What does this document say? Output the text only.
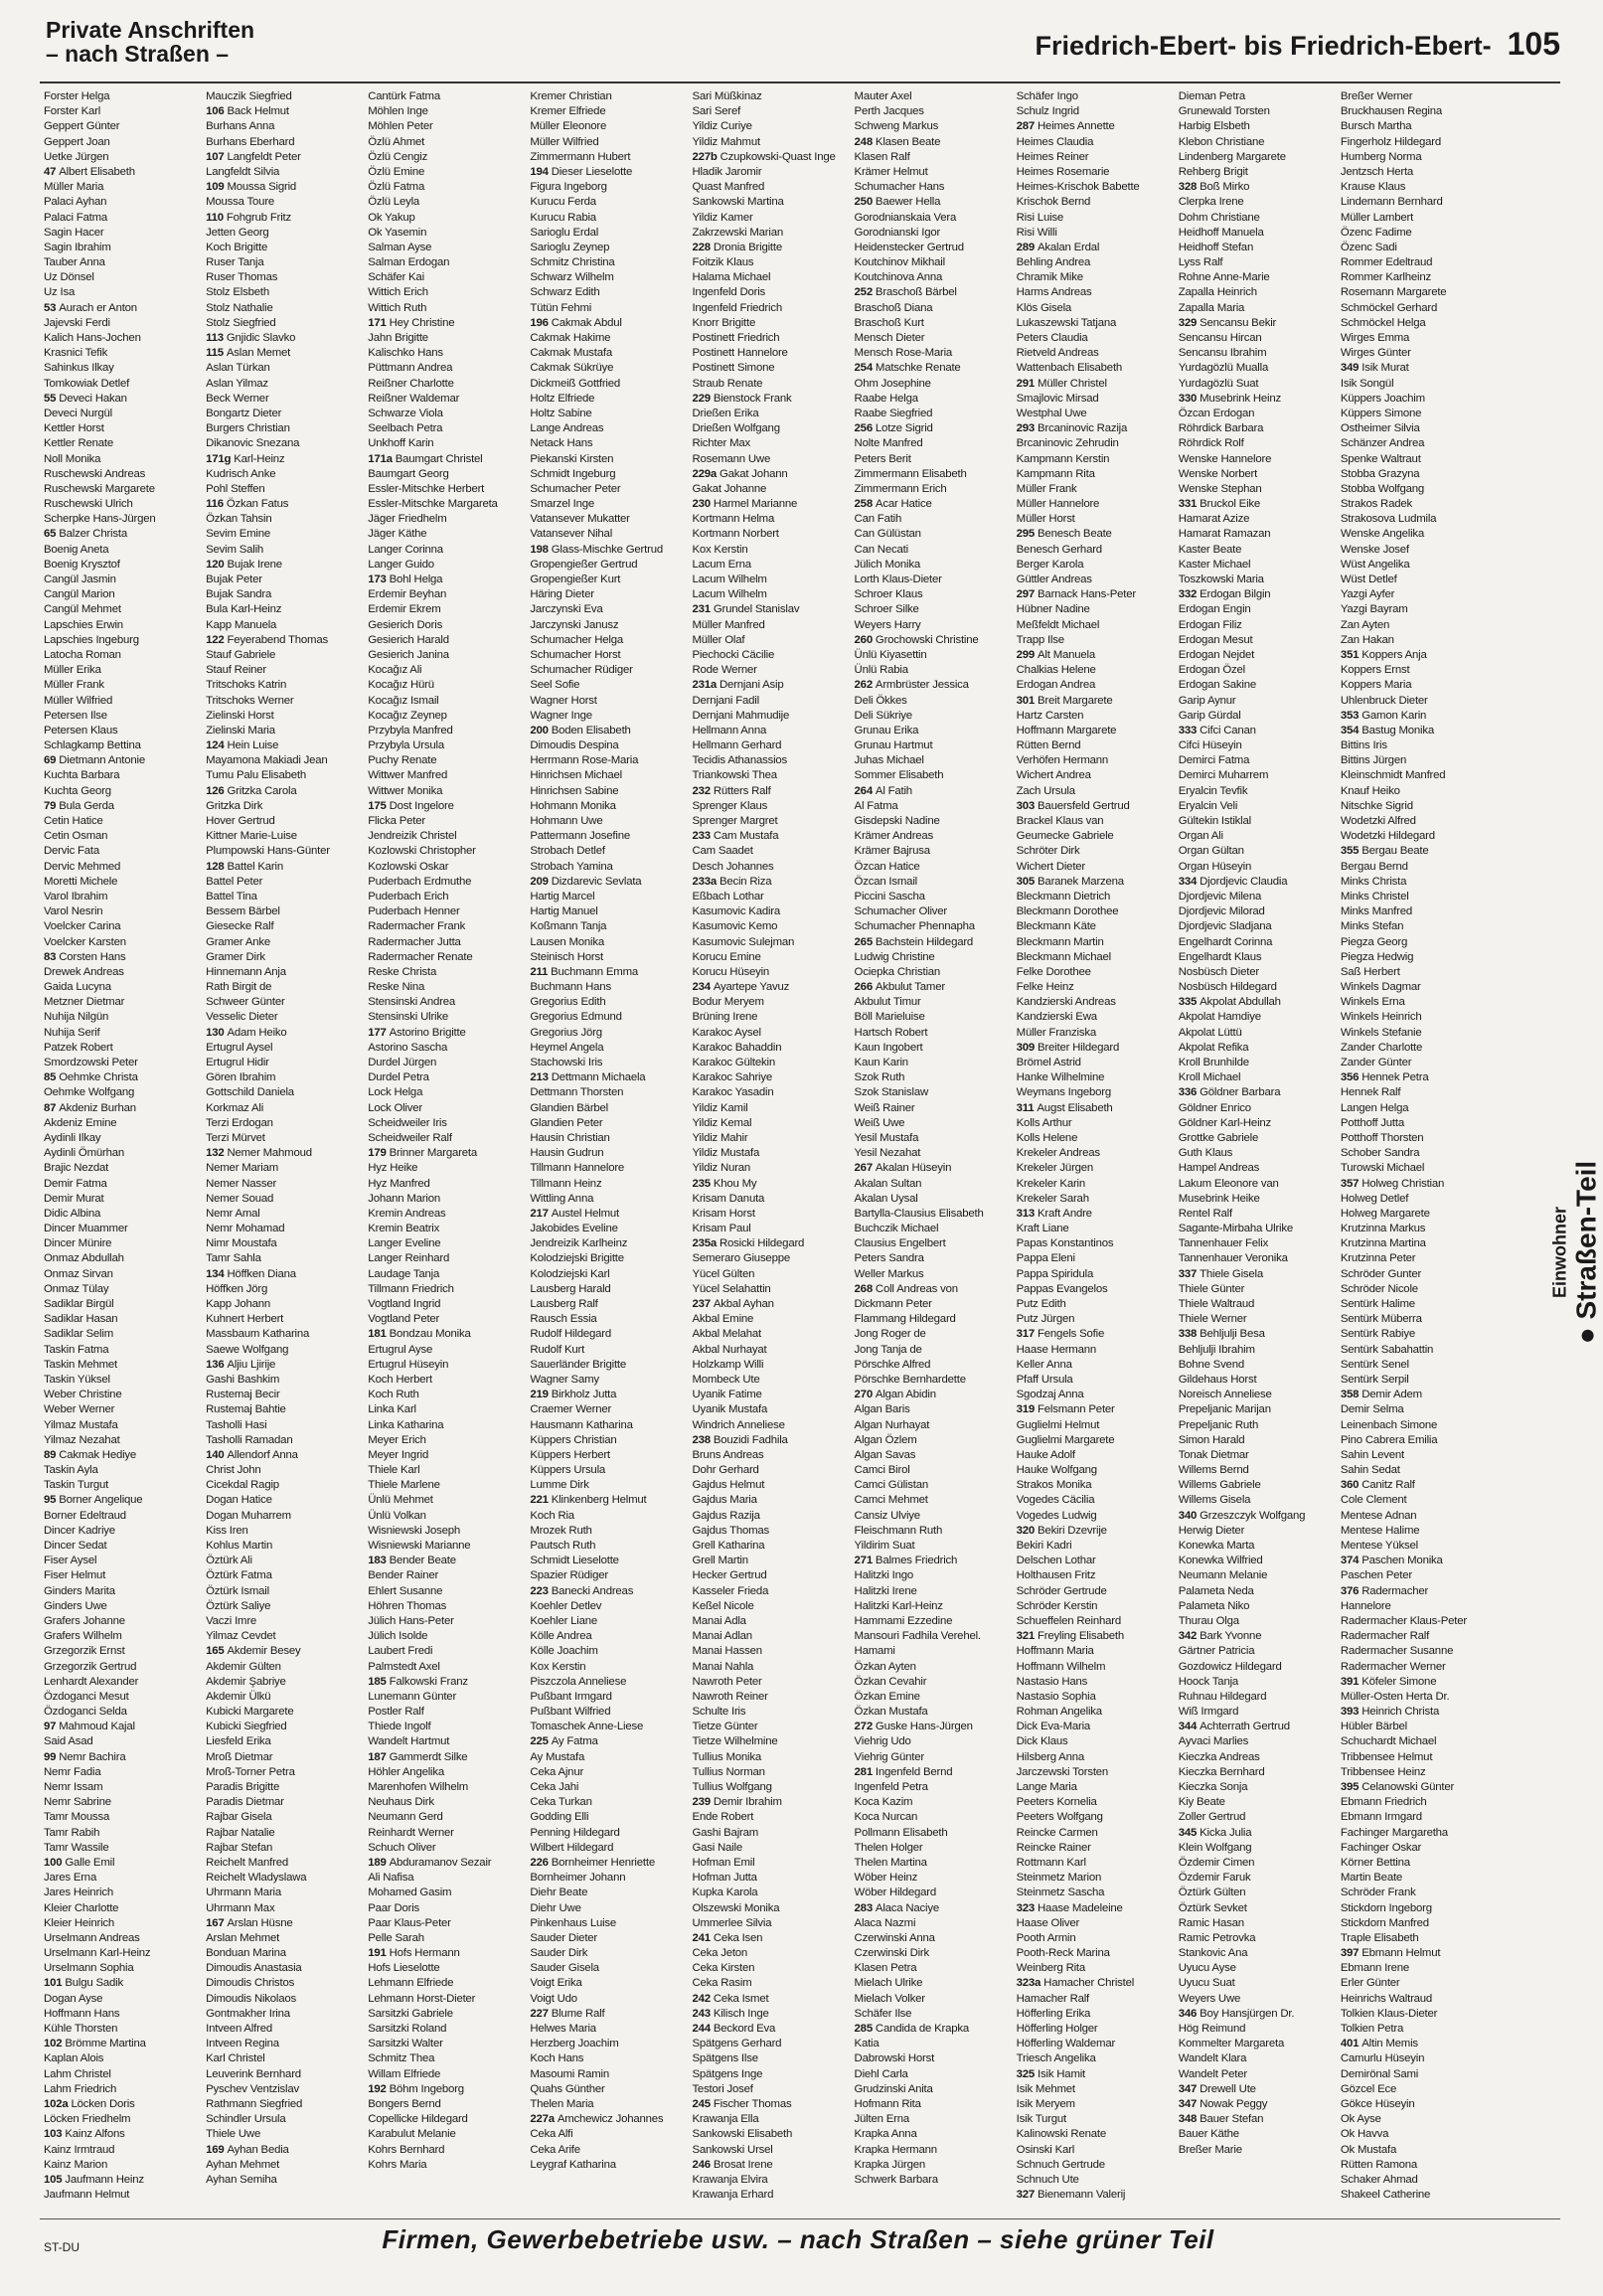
Private Anschriften
– nach Straßen –	Friedrich-Ebert- bis Friedrich-Ebert- 105
Forster Helga
Forster Karl
Geppert Günter
Geppert Joan
Uetke Jürgen
47 Albert Elisabeth
Müller Maria
Palaci Ayhan
Palaci Fatma
Sagin Hacer
Sagin Ibrahim
Tauber Anna
Uz Dönsel
Uz Isa
53 Aurach er Anton
Jajevski Ferdi
Kalich Hans-Jochen
Krasnici Tefik
Sahinkus Ilkay
Tomkowiak Detlef
55 Deveci Hakan
Deveci Nurgül
Kettler Horst
Kettler Renate
Noll Monika
Ruschewski Andreas
Ruschewski Margarete
Ruschewski Ulrich
Scherpke Hans-Jürgen
65 Balzer Christa
Boenig Aneta
Boenig Krysztof
Cangül Jasmin
Cangül Marion
Cangül Mehmet
Lapschies Erwin
Lapschies Ingeburg
Latocha Roman
Müller Erika
Müller Frank
Müller Wilfried
Petersen Ilse
Petersen Klaus
Schlagkamp Bettina
69 Dietmann Antonie
Kuchta Barbara
Kuchta Georg
79 Bula Gerda
Cetin Hatice
Cetin Osman
Dervic Fata
Dervic Mehmed
Moretti Michele
Varol Ibrahim
Varol Nesrin
Voelcker Carina
Voelcker Karsten
83 Corsten Hans
Drewek Andreas
Gaida Lucyna
Metzner Dietmar
Nuhija Nilgün
Nuhija Serif
Patzek Robert
Smordzowski Peter
85 Oehmke Christa
Oehmke Wolfgang
87 Akdeniz Burhan
Akdeniz Emine
Aydinli Ilkay
Aydinli Ömürhan
Brajic Nezdat
Demir Fatma
Demir Murat
Didic Albina
Dincer Muammer
Dincer Münire
Onmaz Abdullah
Onmaz Sirvan
Onmaz Tülay
Sadiklar Birgül
Sadiklar Hasan
Sadiklar Selim
Taskin Fatma
Taskin Mehmet
Taskin Yüksel
Weber Christine
Weber Werner
Yilmaz Mustafa
Yilmaz Nezahat
89 Cakmak Hediye
Taskin Ayla
Taskin Turgut
95 Borner Angelique
Borner Edeltraud
Dincer Kadriye
Dincer Sedat
Fiser Aysel
Fiser Helmut
Ginders Marita
Ginders Uwe
Grafers Johanne
Grafers Wilhelm
Grzegorzik Ernst
Grzegorzik Gertrud
Lenhardt Alexander
Özdoganci Mesut
Özdoganci Selda
97 Mahmoud Kajal
Said Asad
99 Nemr Bachira
Nemr Fadia
Nemr Issam
Nemr Sabrine
Tamr Moussa
Tamr Rabih
Tamr Wassile
100 Galle Emil
Jares Erna
Jares Heinrich
Kleier Charlotte
Kleier Heinrich
Urselmann Andreas
Urselmann Karl-Heinz
Urselmann Sophia
101 Bulgu Sadik
Dogan Ayse
Hoffmann Hans
Kühle Thorsten
102 Brömme Martina
Kaplan Alois
Lahm Christel
Lahm Friedrich
102a Löcken Doris
Löcken Friedhelm
103 Kainz Alfons
Kainz Irmtraud
Kainz Marion
105 Jaufmann Heinz
Jaufmann Helmut
Mauczik Siegfried
106 Back Helmut
Burhans Anna
Burhans Eberhard
107 Langfeldt Peter
Langfeldt Silvia
109 Moussa Sigrid
Moussa Toure
110 Fohgrub Fritz
Jetten Georg
Koch Brigitte
Ruser Tanja
Ruser Thomas
Stolz Elsbeth
Stolz Nathalie
Stolz Siegfried
113 Gnjidic Slavko
115 Aslan Memet
Aslan Türkan
Aslan Yilmaz
Beck Werner
Bongartz Dieter
Burgers Christian
Dikanovic Snezana
171g Karl-Heinz
Kudrisch Anke
Pohl Steffen
116 Özkan Fatus
Özkan Tahsin
Sevim Emine
Sevim Salih
120 Bujak Irene
Bujak Peter
Bujak Sandra
Bula Karl-Heinz
Kapp Manuela
122 Feyerabend Thomas
Stauf Gabriele
Stauf Reiner
Tritschoks Katrin
Tritschoks Werner
Zielinski Horst
Zielinski Maria
124 Hein Luise
Mayamona Makiadi Jean
Tumu Palu Elisabeth
126 Gritzka Carola
Gritzka Dirk
Hover Gertrud
Kittner Marie-Luise
Plumpowski Hans-Günter
128 Battel Karin
Battel Peter
Battel Tina
Bessem Bärbel
Giesecke Ralf
Gramer Anke
Gramer Dirk
Hinnemann Anja
Rath Birgit de
Schweer Günter
Vesselic Dieter
130 Adam Heiko
Ertugrul Aysel
Ertugrul Hidir
Gören Ibrahim
Gottschild Daniela
Korkmaz Ali
Terzi Erdogan
Terzi Mürvet
132 Nemer Mahmoud
Nemer Mariam
Nemer Nasser
Nemer Souad
Nemr Amal
Nemr Mohamad
Nimr Moustafa
Tamr Sahla
134 Höffken Diana
Höffken Jörg
Kapp Johann
Kuhnert Herbert
Massbaum Katharina
Saewe Wolfgang
136 Aljiu Ljirije
Gashi Bashkim
Rustemaj Becir
Rustemaj Bahtie
Tasholli Hasi
Tasholli Ramadan
140 Allendorf Anna
Christ John
Cicekdal Ragip
Dogan Hatice
Dogan Muharrem
Kiss Iren
Kohlus Martin
Öztürk Ali
Öztürk Fatma
Öztürk Ismail
Öztürk Saliye
Vaczi Imre
Yilmaz Cevdet
165 Akdemir Besey
Akdemir Gülten
Akdemir Şabriye
Akdemir Ülkü
Kubicki Margarete
Kubicki Siegfried
Liesfeld Erika
Mroß Dietmar
Mroß-Torner Petra
Paradis Brigitte
Paradis Dietmar
Rajbar Gisela
Rajbar Natalie
Rajbar Stefan
Reichelt Manfred
Reichelt Wladyslawa
Uhrmann Maria
Uhrmann Max
167 Arslan Hüsne
Arslan Mehmet
Bonduan Marina
Dimoudis Anastasia
Dimoudis Christos
Dimoudis Nikolaos
Gontmakher Irina
Intveen Alfred
Intveen Regina
Karl Christel
Leuverink Bernhard
Pyschev Ventzislav
Rathmann Siegfried
Schindler Ursula
Thiele Uwe
169 Ayhan Bedia
Ayhan Mehmet
Ayhan Semiha
Cantürk Fatma
Möhlen Inge
Möhlen Peter
Özlü Ahmet
Özlü Cengiz
Özlü Emine
Özlü Fatma
Özlü Leyla
Ok Yakup
Ok Yasemin
Salman Ayse
Salman Erdogan
Schäfer Kai
Wittich Erich
Wittich Ruth
171 Hey Christine
Jahn Brigitte
Kalischko Hans
Püttmann Andrea
Reißner Charlotte
Reißner Waldemar
Schwarze Viola
Seelbach Petra
Unkhoff Karin
171a Baumgart Christel
Baumgart Georg
Essler-Mitschke Herbert
Essler-Mitschke Margareta
Jäger Friedhelm
Jäger Käthe
Langer Corinna
Langer Guido
173 Bohl Helga
Erdemir Beyhan
Erdemir Ekrem
Gesierich Doris
Gesierich Harald
Gesierich Janina
Kocağız Ali
Kocağız Hürü
Kocağız Ismail
Kocağız Zeynep
Przybyla Manfred
Przybyla Ursula
Puchy Renate
Wittwer Manfred
Wittwer Monika
175 Dost Ingelore
Flicka Peter
Jendreizik Christel
Kozlowski Christopher
Kozlowski Oskar
Puderbach Erdmuthe
Puderbach Erich
Puderbach Henner
Radermacher Frank
Radermacher Jutta
Radermacher Renate
Reske Christa
Reske Nina
Stensinski Andrea
Stensinski Ulrike
177 Astorino Brigitte
Astorino Sascha
Durdel Jürgen
Durdel Petra
Lock Helga
Lock Oliver
Scheidweiler Iris
Scheidweiler Ralf
179 Brinner Margareta
Hyz Heike
Hyz Manfred
Johann Marion
Kremin Andreas
Kremin Beatrix
Langer Eveline
Langer Reinhard
Laudage Tanja
Tillmann Friedrich
Vogtland Ingrid
Vogtland Peter
181 Bondzau Monika
Ertugrul Ayse
Ertugrul Hüseyin
Koch Herbert
Koch Ruth
Linka Karl
Linka Katharina
Meyer Erich
Meyer Ingrid
Thiele Karl
Thiele Marlene
Ünlü Mehmet
Ünlü Volkan
Wisniewski Joseph
Wisniewski Marianne
183 Bender Beate
Bender Rainer
Ehlert Susanne
Höhren Thomas
Jülich Hans-Peter
Jülich Isolde
Laubert Fredi
Palmstedt Axel
185 Falkowski Franz
Lunemann Günter
Postler Ralf
Thiede Ingolf
Wandelt Hartmut
187 Gammerdt Silke
Höhler Angelika
Marenhofen Wilhelm
Neuhaus Dirk
Neumann Gerd
Reinhardt Werner
Schuch Oliver
189 Abduramanov Sezair
Ali Nafisa
Mohamed Gasim
Paar Doris
Paar Klaus-Peter
Pelle Sarah
191 Hofs Hermann
Hofs Lieselotte
Lehmann Elfriede
Lehmann Horst-Dieter
Sarsitzki Gabriele
Sarsitzki Roland
Sarsitzki Walter
Schmitz Thea
Willam Elfriede
192 Böhm Ingeborg
Bongers Bernd
Copellicke Hildegard
Karabulut Melanie
Kohrs Bernhard
Kohrs Maria
Kremer Christian
Kremer Elfriede
Müller Eleonore
Müller Wilfried
Zimmermann Hubert
194 Dieser Lieselotte
Figura Ingeborg
Kurucu Ferda
Kurucu Rabia
Sarioglu Erdal
Sarioglu Zeynep
Schmitz Christina
Schwarz Wilhelm
Schwarz Edith
Tütün Fehmi
196 Cakmak Abdul
Cakmak Hakime
Cakmak Mustafa
Cakmak Sükrüye
Dickmeiß Gottfried
Holtz Elfriede
Holtz Sabine
Lange Andreas
Netack Hans
Piekanski Kirsten
Schmidt Ingeburg
Schumacher Peter
Smarzel Inge
Vatansever Mukatter
Vatansever Nihal
198 Glass-Mischke Gertrud
Gropengießer Gertrud
Gropengießer Kurt
Häring Dieter
Jarczynski Eva
Jarczynski Janusz
Schumacher Helga
Schumacher Horst
Schumacher Rüdiger
Seel Sofie
Wagner Horst
Wagner Inge
200 Boden Elisabeth
Dimoudis Despina
Herrmann Rose-Maria
Hinrichsen Michael
Hinrichsen Sabine
Hohmann Monika
Hohmann Uwe
Pattermann Josefine
Strobach Detlef
Strobach Yamina
209 Dizdarevic Sevlata
Hartig Marcel
Hartig Manuel
Koßmann Tanja
Lausen Monika
Steinisch Horst
211 Buchmann Emma
Buchmann Hans
Gregorius Edith
Gregorius Edmund
Gregorius Jörg
Heymel Angela
Stachowski Iris
213 Dettmann Michaela
Dettmann Thorsten
Glandien Bärbel
Glandien Peter
Hausin Christian
Hausin Gudrun
Tillmann Hannelore
Tillmann Heinz
Wittling Anna
217 Austel Helmut
Jakobides Eveline
Jendreizik Karlheinz
Kolodziejski Brigitte
Kolodziejski Karl
Lausberg Harald
Lausberg Ralf
Rausch Essia
Rudolf Hildegard
Rudolf Kurt
Sauerländer Brigitte
Wagner Samy
219 Birkholz Jutta
Craemer Werner
Hausmann Katharina
Küppers Christian
Küppers Herbert
Küppers Ursula
Lumme Dirk
221 Klinkenberg Helmut
Koch Ria
Mrozek Ruth
Pautsch Ruth
Schmidt Lieselotte
Spazier Rüdiger
223 Banecki Andreas
Koehler Detlev
Koehler Liane
Kölle Andrea
Kölle Joachim
Kox Kerstin
Piszczola Anneliese
Pußbant Irmgard
Pußbant Wilfried
Tomaschek Anne-Liese
225 Ay Fatma
Ay Mustafa
Ceka Ajnur
Ceka Jahi
Ceka Turkan
Godding Elli
Penning Hildegard
Wilbert Hildegard
226 Bornheimer Henriette
Bornheimer Johann
Diehr Beate
Diehr Uwe
Pinkenhaus Luise
Sauder Dieter
Sauder Dirk
Sauder Gisela
Voigt Erika
Voigt Udo
227 Blume Ralf
Helwes Maria
Herzberg Joachim
Koch Hans
Masoumi Ramin
Quahs Günther
Thelen Maria
227a Amchewicz Johannes
Ceka Alfi
Ceka Arife
Leygraf Katharina
Sari Müßkinaz
Sari Seref
Yildiz Curiye
Yildiz Mahmut
227b Czupkowski-Quast Inge
Hladik Jaromir
Quast Manfred
Sankowski Martina
Yildiz Kamer
Zakrzewski Marian
228 Dronia Brigitte
Foitzik Klaus
Halama Michael
Ingenfeld Doris
Ingenfeld Friedrich
Knorr Brigitte
Postinett Friedrich
Postinett Hannelore
Postinett Simone
Straub Renate
229 Bienstock Frank
Drießen Erika
Drießen Wolfgang
Richter Max
Rosemann Uwe
229a Gakat Johann
Gakat Johanne
230 Harmel Marianne
Kortmann Helma
Kortmann Norbert
Kox Kerstin
Lacum Erna
Lacum Wilhelm
Lacum Wilhelm
231 Grundel Stanislav
Müller Manfred
Müller Olaf
Piechocki Cäcilie
Rode Werner
231a Dernjani Asip
Dernjani Fadil
Dernjani Mahmudije
Hellmann Anna
Hellmann Gerhard
Tecidis Athanassios
Triankowski Thea
232 Rütters Ralf
Sprenger Klaus
Sprenger Margret
233 Cam Mustafa
Cam Saadet
Desch Johannes
233a Becin Riza
Eßbach Lothar
Kasumovic Kadira
Kasumovic Kemo
Kasumovic Sulejman
Korucu Emine
Korucu Hüseyin
234 Ayartepe Yavuz
Bodur Meryem
Brüning Irene
Karakoc Aysel
Karakoc Bahaddin
Karakoc Gültekin
Karakoc Sahriye
Karakoc Yasadin
Yildiz Kamil
Yildiz Kemal
Yildiz Mahir
Yildiz Mustafa
Yildiz Nuran
235 Khou My
Krisam Danuta
Krisam Horst
Krisam Paul
235a Rosicki Hildegard
Semeraro Giuseppe
Yücel Gülten
Yücel Selahattin
237 Akbal Ayhan
Akbal Emine
Akbal Melahat
Akbal Nurhayat
Holzkamp Willi
Mombeck Ute
Uyanik Fatime
Uyanik Mustafa
Windrich Anneliese
238 Bouzidi Fadhila
Bruns Andreas
Dohr Gerhard
Gajdus Helmut
Gajdus Maria
Gajdus Razija
Gajdus Thomas
Grell Katharina
Grell Martin
Hecker Gertrud
Kasseler Frieda
Keßel Nicole
Manai Adla
Manai Adlan
Manai Hassen
Manai Nahla
Nawroth Peter
Nawroth Reiner
Schulte Iris
Tietze Günter
Tietze Wilhelmine
Tullius Monika
Tullius Norman
Tullius Wolfgang
239 Demir Ibrahim
Ende Robert
Gashi Bajram
Gasi Naile
Hofman Emil
Hofman Jutta
Kupka Karola
Olszewski Monika
Ummerlee Silvia
241 Ceka Isen
Ceka Jeton
Ceka Kirsten
Ceka Rasim
242 Ceka Ismet
243 Kilisch Inge
244 Beckord Eva
Spätgens Gerhard
Spätgens Ilse
Spätgens Inge
Testori Josef
245 Fischer Thomas
Krawanja Ella
Sankowski Elisabeth
Sankowski Ursel
246 Brosat Irene
Krawanja Elvira
Krawanja Erhard
Mauter Axel
Perth Jacques
Schweng Markus
248 Klasen Beate
Klasen Ralf
Krämer Helmut
Schumacher Hans
250 Baewer Hella
Gorodnianskaia Vera
Gorodnianski Igor
Heidenstecker Gertrud
Koutchinov Mikhail
Koutchinova Anna
252 Braschoß Bärbel
Braschoß Diana
Braschoß Kurt
Mensch Dieter
Mensch Rose-Maria
254 Matschke Renate
Ohm Josephine
Raabe Helga
Raabe Siegfried
256 Lotze Sigrid
Nolte Manfred
Peters Berit
Zimmermann Elisabeth
Zimmermann Erich
258 Acar Hatice
Can Fatih
Can Gülüstan
Can Necati
Jülich Monika
Lorth Klaus-Dieter
Schroer Klaus
Schroer Silke
Weyers Harry
260 Grochowski Christine
Ünlü Kiyasettin
Ünlü Rabia
262 Armbrüster Jessica
Deli Ökkes
Deli Sükriye
Grunau Erika
Grunau Hartmut
Juhas Michael
Sommer Elisabeth
264 Al Fatih
Al Fatma
Gisdepski Nadine
Krämer Andreas
Krämer Bajrusa
Özcan Hatice
Özcan Ismail
Piccini Sascha
Schumacher Oliver
Schumacher Phennapha
265 Bachstein Hildegard
Ludwig Christine
Ociepka Christian
266 Akbulut Tamer
Akbulut Timur
Böll Marieluise
Hartsch Robert
Kaun Ingobert
Kaun Karin
Szok Ruth
Szok Stanislaw
Weiß Rainer
Weiß Uwe
Yesil Mustafa
Yesil Nezahat
267 Akalan Hüseyin
Akalan Sultan
Akalan Uysal
Bartylla-Clausius Elisabeth
Buchczik Michael
Clausius Engelbert
Peters Sandra
Weller Markus
268 Coll Andreas von
Dickmann Peter
Flammang Hildegard
Jong Roger de
Jong Tanja de
Pörschke Alfred
Pörschke Bernhardette
270 Algan Abidin
Algan Baris
Algan Nurhayat
Algan Özlem
Algan Savas
Camci Birol
Camci Gülistan
Camci Mehmet
Cansiz Ulviye
Fleischmann Ruth
Yildirim Suat
271 Balmes Friedrich
Halitzki Ingo
Halitzki Irene
Halitzki Karl-Heinz
Hammami Ezzedine
Mansouri Fadhila Verehel.
Hamami
Özkan Ayten
Özkan Cevahir
Özkan Emine
Özkan Mustafa
272 Guske Hans-Jürgen
Viehrig Udo
Viehrig Günter
281 Ingenfeld Bernd
Ingenfeld Petra
Koca Kazim
Koca Nurcan
Pollmann Elisabeth
Thelen Holger
Thelen Martina
Wöber Heinz
Wöber Hildegard
283 Alaca Naciye
Alaca Nazmi
Czerwinski Anna
Czerwinski Dirk
Klasen Petra
Mielach Ulrike
Mielach Volker
Schäfer Ilse
285 Candida de Krapka
Katia
Dabrowski Horst
Diehl Carla
Grudzinski Anita
Hofmann Rita
Jülten Erna
Krapka Anna
Krapka Hermann
Krapka Jürgen
Schwerk Barbara
Schäfer Ingo
Schulz Ingrid
287 Heimes Annette
Heimes Claudia
Heimes Reiner
Heimes Rosemarie
Heimes-Krischok Babette
Krischok Bernd
Risi Luise
Risi Willi
289 Akalan Erdal
Behling Andrea
Chramik Mike
Harms Andreas
Klös Gisela
Lukaszewski Tatjana
Peters Claudia
Rietveld Andreas
Wattenbach Elisabeth
291 Müller Christel
Smajlovic Mirsad
Westphal Uwe
293 Brcaninovic Razija
Brcaninovic Zehrudin
Kampmann Kerstin
Kampmann Rita
Müller Frank
Müller Hannelore
Müller Horst
295 Benesch Beate
Benesch Gerhard
Berger Karola
Güttler Andreas
297 Barnack Hans-Peter
Hübner Nadine
Meßfeldt Michael
Trapp Ilse
299 Alt Manuela
Chalkias Helene
Erdogan Andrea
301 Breit Margarete
Hartz Carsten
Hoffmann Margarete
Rütten Bernd
Verhöfen Hermann
Wichert Andrea
Zach Ursula
303 Bauersfeld Gertrud
Brackel Klaus van
Geumecke Gabriele
Schröter Dirk
Wichert Dieter
305 Baranek Marzena
Bleckmann Dietrich
Bleckmann Dorothee
Bleckmann Käte
Bleckmann Martin
Bleckmann Michael
Felke Dorothee
Felke Heinz
Kandzierski Andreas
Kandzierski Ewa
Müller Franziska
309 Breiter Hildegard
Brömel Astrid
Hanke Wilhelmine
Weymans Ingeborg
311 Augst Elisabeth
Kolls Arthur
Kolls Helene
Krekeler Andreas
Krekeler Jürgen
Krekeler Karin
Krekeler Sarah
313 Kraft Andre
Kraft Liane
Papas Konstantinos
Pappa Eleni
Pappa Spiridula
Pappas Evangelos
Putz Edith
Putz Jürgen
317 Fengels Sofie
Haase Hermann
Keller Anna
Pfaff Ursula
Sgodzaj Anna
319 Felsmann Peter
Guglielmi Helmut
Guglielmi Margarete
Hauke Adolf
Hauke Wolfgang
Strakos Monika
Vogedes Cäcilia
Vogedes Ludwig
320 Bekiri Dzevrije
Bekiri Kadri
Delschen Lothar
Holthausen Fritz
Schröder Gertrude
Schröder Kerstin
Schueffelen Reinhard
321 Freyling Elisabeth
Hoffmann Maria
Hoffmann Wilhelm
Nastasio Hans
Nastasio Sophia
Rohman Angelika
Dick Eva-Maria
Dick Klaus
Hilsberg Anna
Jarczewski Torsten
Lange Maria
Peeters Kornelia
Peeters Wolfgang
Reincke Carmen
Reincke Rainer
Rottmann Karl
Steinmetz Marion
Steinmetz Sascha
323 Haase Madeleine
Haase Oliver
Pooth Armin
Pooth-Reck Marina
Weinberg Rita
323a Hamacher Christel
Hamacher Ralf
Höfferling Erika
Höfferling Holger
Höfferling Waldemar
Triesch Angelika
325 Isik Hamit
Isik Mehmet
Isik Meryem
Isik Turgut
Kalinowski Renate
Osinski Karl
Schnuch Gertrude
Schnuch Ute
327 Bienemann Valerij
Dieman Petra
Grunewald Torsten
Harbig Elsbeth
Klebon Christiane
Lindenberg Margarete
Rehberg Brigit
328 Boß Mirko
Clerpka Irene
Dohm Christiane
Heidhoff Manuela
Heidhoff Stefan
Lyss Ralf
Rohne Anne-Marie
Zapalla Heinrich
Zapalla Maria
329 Sencansu Bekir
Sencansu Hircan
Sencansu Ibrahim
Yurdagözlü Mualla
Yurdagözlü Suat
330 Musebrink Heinz
Özcan Erdogan
Röhrdick Barbara
Röhrdick Rolf
Wenske Hannelore
Wenske Norbert
Wenske Stephan
331 Bruckol Eike
Hamarat Azize
Hamarat Ramazan
Kaster Beate
Kaster Michael
Toszkowski Maria
332 Erdogan Bilgin
Erdogan Engin
Erdogan Filiz
Erdogan Mesut
Erdogan Nejdet
Erdogan Özel
Erdogan Sakine
Garip Aynur
Garip Gürdal
333 Cifci Canan
Cifci Hüseyin
Demirci Fatma
Demirci Muharrem
Eryalcin Tevfik
Eryalcin Veli
Gültekin Istiklal
Organ Ali
Organ Gültan
Organ Hüseyin
334 Djordjevic Claudia
Djordjevic Milena
Djordjevic Milorad
Djordjevic Sladjana
Engelhardt Corinna
Engelhardt Klaus
Nosbüsch Dieter
Nosbüsch Hildegard
335 Akpolat Abdullah
Akpolat Hamdiye
Akpolat Lüttü
Akpolat Refika
Kroll Brunhilde
Kroll Michael
336 Göldner Barbara
Göldner Enrico
Göldner Karl-Heinz
Grottke Gabriele
Guth Klaus
Hampel Andreas
Lakum Eleonore van
Musebrink Heike
Rentel Ralf
Sagante-Mirbaha Ulrike
Tannenhauer Felix
Tannenhauer Veronika
337 Thiele Gisela
Thiele Günter
Thiele Waltraud
Thiele Werner
338 Behljulji Besa
Behljulji Ibrahim
Bohne Svend
Gildehaus Horst
Noreisch Anneliese
Prepeljanic Marijan
Prepeljanic Ruth
Simon Harald
Tonak Dietmar
Willems Bernd
Willems Gabriele
Willems Gisela
340 Grzeszczyk Wolfgang
Herwig Dieter
Konewka Marta
Konewka Wilfried
Neumann Melanie
Palameta Neda
Palameta Niko
Thurau Olga
342 Bark Yvonne
Gärtner Patricia
Gozdowicz Hildegard
Hoock Tanja
Ruhnau Hildegard
Wiß Irmgard
344 Achterrath Gertrud
Ayvaci Marlies
Kieczka Andreas
Kieczka Bernhard
Kieczka Sonja
Kiy Beate
Zoller Gertrud
345 Kicka Julia
Klein Wolfgang
Özdemir Cimen
Özdemir Faruk
Öztürk Gülten
Öztürk Sevket
Ramic Hasan
Ramic Petrovka
Stankovic Ana
Uyucu Ayse
Uyucu Suat
Weyers Uwe
346 Boy Hansjürgen Dr.
Hög Reimund
Kommelter Margareta
Wandelt Klara
Wandelt Peter
347 Drewell Ute
347 Nowak Peggy
348 Bauer Stefan
Bauer Käthe
Breßer Marie
Breßer Werner
Bruckhausen Regina
Bursch Martha
Fingerholz Hildegard
Humberg Norma
Jentzsch Herta
Krause Klaus
Lindemann Bernhard
Müller Lambert
Özenc Fadime
Özenc Sadi
Rommer Edeltraud
Rommer Karlheinz
Rosemann Margarete
Schmöckel Gerhard
Schmöckel Helga
Wirges Emma
Wirges Günter
349 Isik Murat
Isik Songül
Küppers Joachim
Küppers Simone
Ostheimer Silvia
Schänzer Andrea
Spenke Waltraut
Stobba Grazyna
Stobba Wolfgang
Strakos Radek
Strakosova Ludmila
Wenske Angelika
Wenske Josef
Wüst Angelika
Wüst Detlef
Yazgi Ayfer
Yazgi Bayram
Zan Ayten
Zan Hakan
351 Koppers Anja
Koppers Ernst
Koppers Maria
Uhlenbruck Dieter
353 Gamon Karin
354 Bastug Monika
Bittins Iris
Bittins Jürgen
Kleinschmidt Manfred
Knauf Heiko
Nitschke Sigrid
Wodetzki Alfred
Wodetzki Hildegard
355 Bergau Beate
Bergau Bernd
Minks Christa
Minks Christel
Minks Manfred
Minks Stefan
Piegza Georg
Piegza Hedwig
Saß Herbert
Winkels Dagmar
Winkels Erna
Winkels Heinrich
Winkels Stefanie
Zander Charlotte
Zander Günter
356 Hennek Petra
Hennek Ralf
Langen Helga
Potthoff Jutta
Potthoff Thorsten
Schober Sandra
Turowski Michael
357 Holweg Christian
Holweg Detlef
Holweg Margarete
Krutzinna Markus
Krutzinna Martina
Krutzinna Peter
Schröder Gunter
Schröder Nicole
Sentürk Halime
Sentürk Müberra
Sentürk Rabiye
Sentürk Sabahattin
Sentürk Senel
Sentürk Serpil
358 Demir Adem
Demir Selma
Leinenbach Simone
Pino Cabrera Emilia
Sahin Levent
Sahin Sedat
360 Canitz Ralf
Cole Clement
Mentese Adnan
Mentese Halime
Mentese Yüksel
374 Paschen Monika
Paschen Peter
376 Radermacher
Hannelore
Radermacher Klaus-Peter
Radermacher Ralf
Radermacher Susanne
Radermacher Werner
391 Köfeler Simone
Müller-Osten Herta Dr.
393 Heinrich Christa
Hübler Bärbel
Schuchardt Michael
Tribbensee Helmut
Tribbensee Heinz
395 Celanowski Günter
Ebmann Friedrich
Ebmann Irmgard
Fachinger Margaretha
Fachinger Oskar
Körner Bettina
Martin Beate
Schröder Frank
Stickdorn Ingeborg
Stickdorn Manfred
Traple Elisabeth
397 Ebmann Helmut
Ebmann Irene
Erler Günter
Heinrichs Waltraud
Tolkien Klaus-Dieter
Tolkien Petra
401 Altin Memis
Camurlu Hüseyin
Demirönal Sami
Gözcel Ece
Gökce Hüseyin
Ok Ayse
Ok Havva
Ok Mustafa
Rütten Ramona
Schaker Ahmad
Shakeel Catherine
Einwohner ● Straßen-Teil
ST-DU	Firmen, Gewerbebetriebe usw. – nach Straßen – siehe grüner Teil
